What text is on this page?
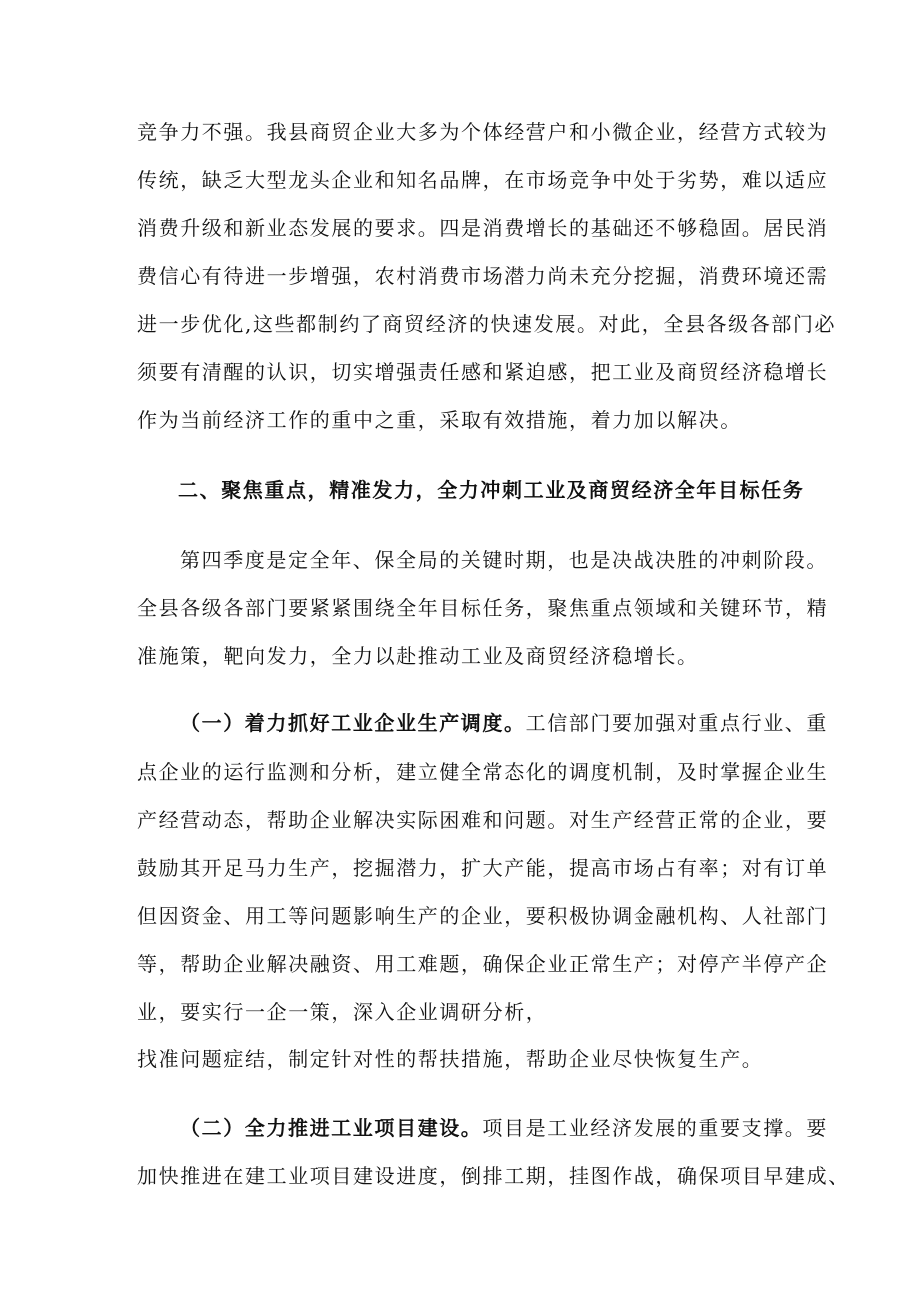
竞争力不强。我县商贸企业大多为个体经营户和小微企业，经营方式较为
传统，缺乏大型龙头企业和知名品牌，在市场竞争中处于劣势，难以适应
消费升级和新业态发展的要求。四是消费增长的基础还不够稳固。居民消
费信心有待进一步增强，农村消费市场潜力尚未充分挖掘，消费环境还需
进一步优化,这些都制约了商贸经济的快速发展。对此，全县各级各部门必
须要有清醒的认识，切实增强责任感和紧迫感，把工业及商贸经济稳增长
作为当前经济工作的重中之重，采取有效措施，着力加以解决。
二、聚焦重点，精准发力，全力冲刺工业及商贸经济全年目标任务
第四季度是定全年、保全局的关键时期，也是决战决胜的冲刺阶段。
全县各级各部门要紧紧围绕全年目标任务，聚焦重点领域和关键环节，精
准施策，靶向发力，全力以赴推动工业及商贸经济稳增长。
（一）着力抓好工业企业生产调度。工信部门要加强对重点行业、重
点企业的运行监测和分析，建立健全常态化的调度机制，及时掌握企业生
产经营动态，帮助企业解决实际困难和问题。对生产经营正常的企业，要
鼓励其开足马力生产，挖掘潜力，扩大产能，提高市场占有率；对有订单
但因资金、用工等问题影响生产的企业，要积极协调金融机构、人社部门
等，帮助企业解决融资、用工难题，确保企业正常生产；对停产半停产企
业，要实行一企一策，深入企业调研分析，
找准问题症结，制定针对性的帮扶措施，帮助企业尽快恢复生产。
（二）全力推进工业项目建设。项目是工业经济发展的重要支撑。要
加快推进在建工业项目建设进度，倒排工期，挂图作战，确保项目早建成、
